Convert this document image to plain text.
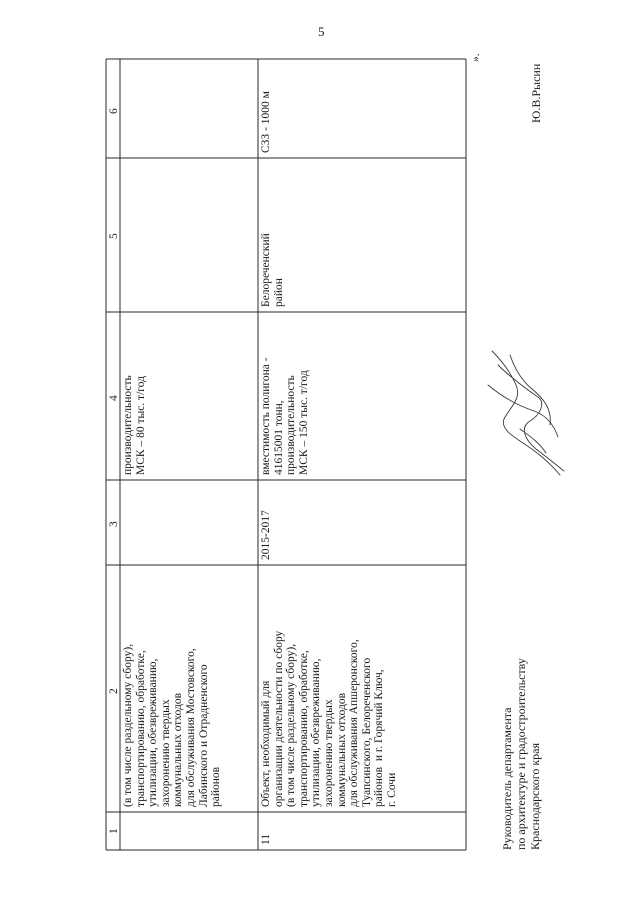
5
1
2
3
4
5
6
(в том числе раздельному сбору),
транспортированию, обработке,
утилизации, обезвреживанию,
захоронению твердых
коммунальных отходов
для обслуживания Мостовского,
Лабинского и Отрадненского
районов
производительность
МСК – 80 тыс. т/год
11
Объект, необходимый для
организации деятельности по сбору
(в том числе раздельному сбору),
транспортированию, обработке,
утилизации, обезвреживанию,
захоронению твердых
коммунальных отходов
для обслуживания Апшеронского,
Туапсинского, Белореченского
районов  и г. Горячий Ключ,
г. Сочи
2015-2017
вместимость полигона -
41615001 тонн,
производительность
МСК – 150 тыс. т/год
Белореченский
район
СЗЗ - 1000 м
».
Руководитель департамента
по архитектуре и градостроительству
Краснодарского края
Ю.В.Рысин
